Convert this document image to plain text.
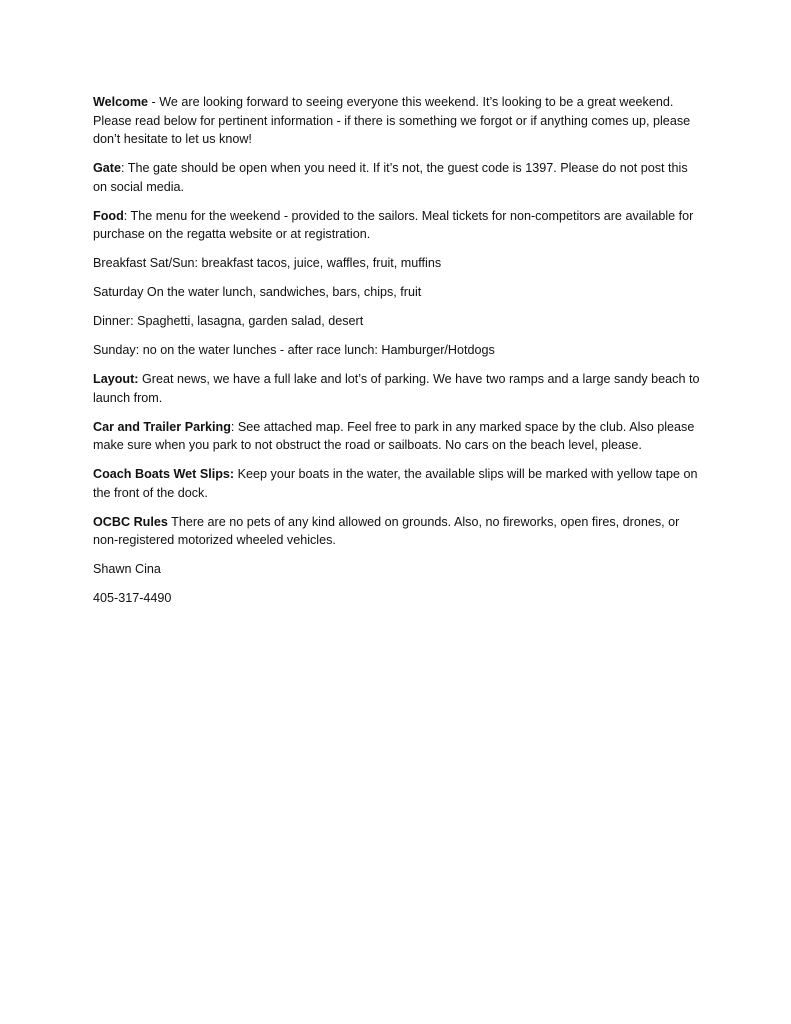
Welcome - We are looking forward to seeing everyone this weekend. It’s looking to be a great weekend. Please read below for pertinent information - if there is something we forgot or if anything comes up, please don’t hesitate to let us know!

Gate: The gate should be open when you need it. If it’s not, the guest code is 1397. Please do not post this on social media.

Food: The menu for the weekend - provided to the sailors. Meal tickets for non-competitors are available for purchase on the regatta website or at registration.

Breakfast Sat/Sun: breakfast tacos, juice, waffles, fruit, muffins

Saturday On the water lunch, sandwiches, bars, chips, fruit

Dinner: Spaghetti, lasagna, garden salad, desert

Sunday: no on the water lunches - after race lunch: Hamburger/Hotdogs

Layout: Great news, we have a full lake and lot’s of parking. We have two ramps and a large sandy beach to launch from.

Car and Trailer Parking: See attached map. Feel free to park in any marked space by the club. Also please make sure when you park to not obstruct the road or sailboats. No cars on the beach level, please.

Coach Boats Wet Slips: Keep your boats in the water, the available slips will be marked with yellow tape on the front of the dock.

OCBC Rules There are no pets of any kind allowed on grounds. Also, no fireworks, open fires, drones, or non-registered motorized wheeled vehicles.

Shawn Cina

405-317-4490
